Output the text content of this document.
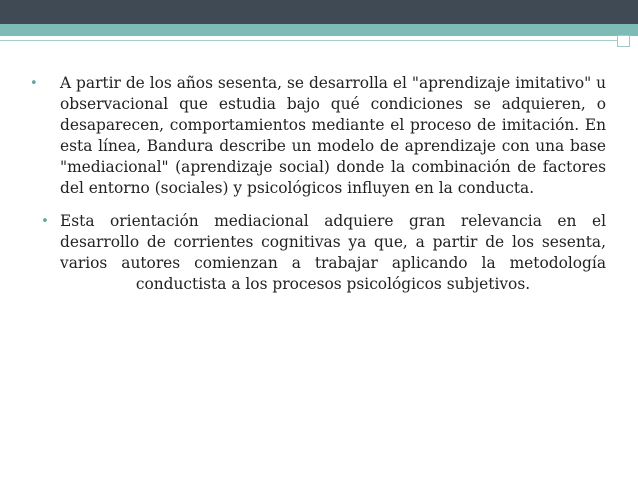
•	A partir de los años sesenta, se desarrolla el "aprendizaje imitativo" u observacional que estudia bajo qué condiciones se adquieren, o desaparecen, comportamientos mediante el proceso de imitación. En esta línea, Bandura describe un modelo de aprendizaje con una base "mediacional" (aprendizaje social) donde la combinación de factores del entorno (sociales) y psicológicos influyen en la conducta.
• Esta orientación mediacional adquiere gran relevancia en el desarrollo de corrientes cognitivas ya que, a partir de los sesenta, varios autores comienzan a trabajar aplicando la metodología conductista a los procesos psicológicos subjetivos.
